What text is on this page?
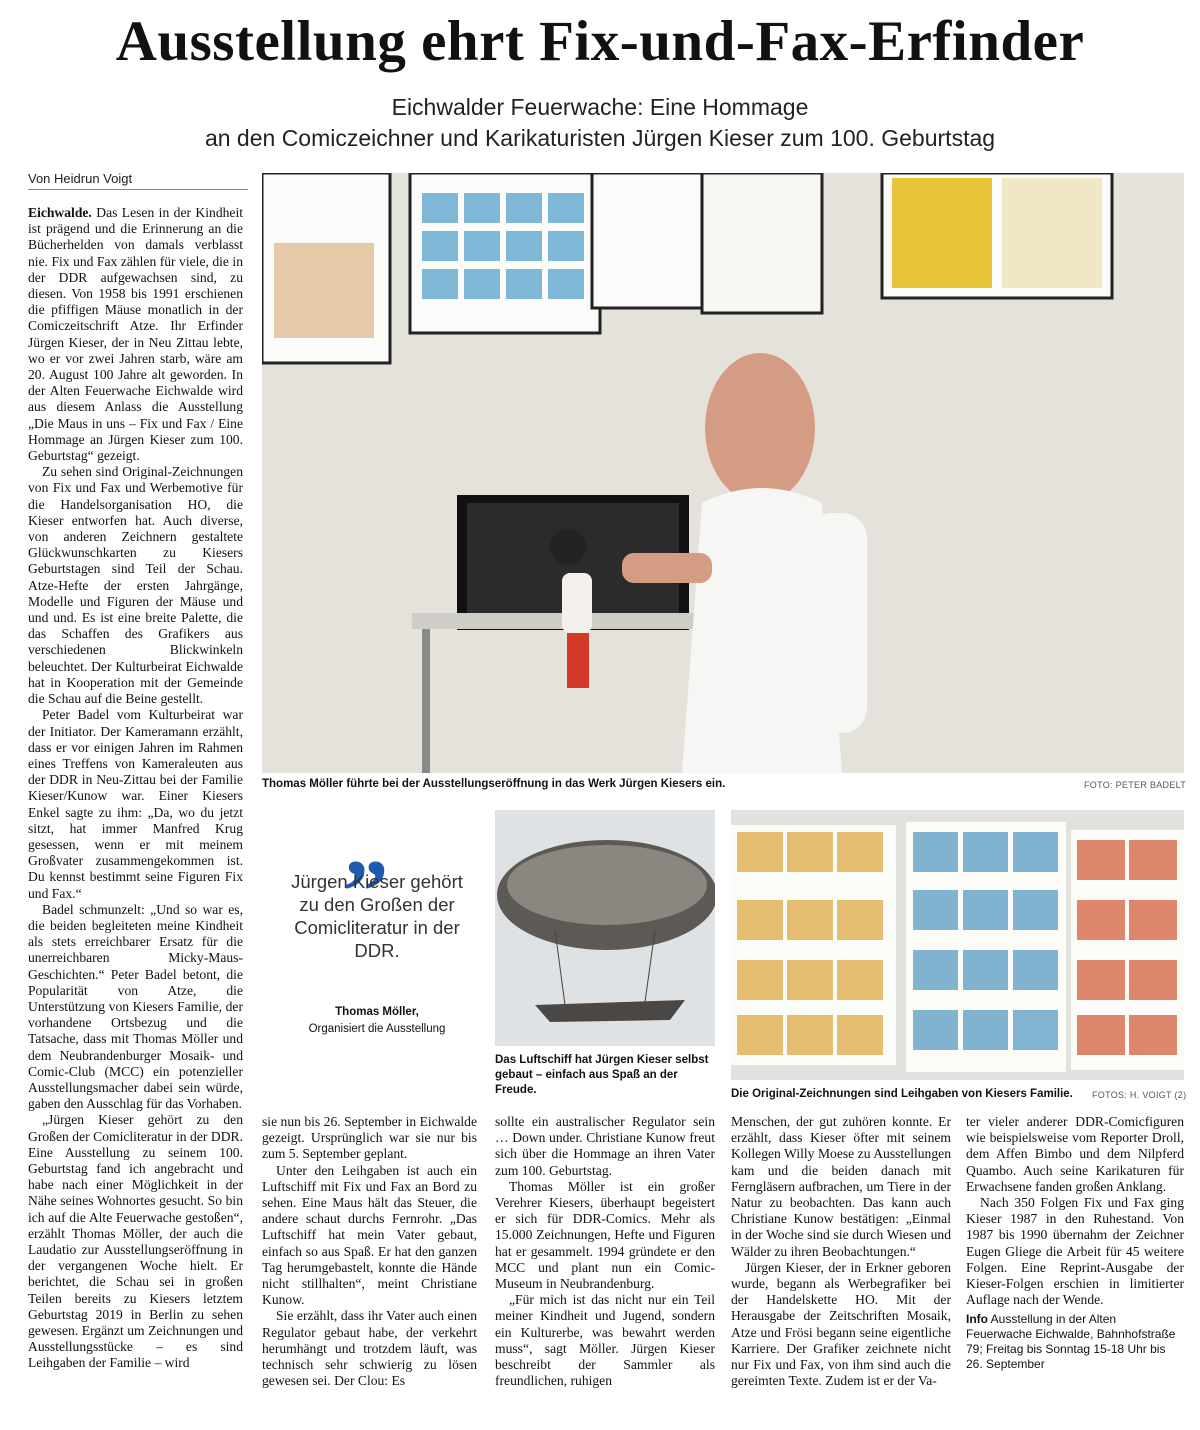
Ausstellung ehrt Fix-und-Fax-Erfinder
Eichwalder Feuerwache: Eine Hommage
an den Comiczeichner und Karikaturisten Jürgen Kieser zum 100. Geburtstag
Von Heidrun Voigt

Eichwalde. Das Lesen in der Kindheit ist prägend und die Erinnerung an die Bücherhelden von damals verblasst nie. Fix und Fax zählen für viele, die in der DDR aufgewachsen sind, zu diesen. Von 1958 bis 1991 erschienen die pfiffigen Mäuse monatlich in der Comiczeitschrift Atze. Ihr Erfinder Jürgen Kieser, der in Neu Zittau lebte, wo er vor zwei Jahren starb, wäre am 20. August 100 Jahre alt geworden. In der Alten Feuerwache Eichwalde wird aus diesem Anlass die Ausstellung „Die Maus in uns – Fix und Fax / Eine Hommage an Jürgen Kieser zum 100. Geburtstag“ gezeigt.

Zu sehen sind Original-Zeichnungen von Fix und Fax und Werbemotive für die Handelsorganisation HO, die Kieser entworfen hat. Auch diverse, von anderen Zeichnern gestaltete Glückwunschkarten zu Kiesers Geburtstagen sind Teil der Schau. Atze-Hefte der ersten Jahrgänge, Modelle und Figuren der Mäuse und und und. Es ist eine breite Palette, die das Schaffen des Grafikers aus verschiedenen Blickwinkeln beleuchtet. Der Kulturbeirat Eichwalde hat in Kooperation mit der Gemeinde die Schau auf die Beine gestellt.

Peter Badel vom Kulturbeirat war der Initiator. Der Kameramann erzählt, dass er vor einigen Jahren im Rahmen eines Treffens von Kameraleuten aus der DDR in Neu-Zittau bei der Familie Kieser/Kunow war. Einer Kiesers Enkel sagte zu ihm: „Da, wo du jetzt sitzt, hat immer Manfred Krug gesessen, wenn er mit meinem Großvater zusammengekommen ist. Du kennst bestimmt seine Figuren Fix und Fax.“

Badel schmunzelt: „Und so war es, die beiden begleiteten meine Kindheit als stets erreichbarer Ersatz für die unerreichbaren Micky-Maus-Geschichten.“ Peter Badel betont, die Popularität von Atze, die Unterstützung von Kiesers Familie, der vorhandene Ortsbezug und die Tatsache, dass mit Thomas Möller und dem Neubrandenburger Mosaik- und Comic-Club (MCC) ein potenzieller Ausstellungsmacher dabei sein würde, gaben den Ausschlag für das Vorhaben.

„Jürgen Kieser gehört zu den Großen der Comicliteratur in der DDR. Eine Ausstellung zu seinem 100. Geburtstag fand ich angebracht und habe nach einer Möglichkeit in der Nähe seines Wohnortes gesucht. So bin ich auf die Alte Feuerwache gestoßen“, erzählt Thomas Möller, der auch die Laudatio zur Ausstellungseröffnung in der vergangenen Woche hielt. Er berichtet, die Schau sei in großen Teilen bereits zu Kiesers letztem Geburtstag 2019 in Berlin zu sehen gewesen. Ergänzt um Zeichnungen und Ausstellungsstücke – es sind Leihgaben der Familie – wird

Thomas Möller führte bei der Ausstellungseröffnung in das Werk Jürgen Kiesers ein.	FOTO: PETER BADELT
„
Jürgen Kieser gehört zu den Großen der Comicliteratur in der DDR.
Thomas Möller,
Organisiert die Ausstellung
Das Luftschiff hat Jürgen Kieser selbst gebaut – einfach aus Spaß an der Freude.	Die Original-Zeichnungen sind Leihgaben von Kiesers Familie.	FOTOS: H. VOIGT (2)

sie nun bis 26. September in Eichwalde gezeigt. Ursprünglich war sie nur bis zum 5. September geplant.

Unter den Leihgaben ist auch ein Luftschiff mit Fix und Fax an Bord zu sehen. Eine Maus hält das Steuer, die andere schaut durchs Fernrohr. „Das Luftschiff hat mein Vater gebaut, einfach so aus Spaß. Er hat den ganzen Tag herumgebastelt, konnte die Hände nicht stillhalten“, meint Christiane Kunow.

Sie erzählt, dass ihr Vater auch einen Regulator gebaut habe, der verkehrt herumhängt und trotzdem läuft, was technisch sehr schwierig zu lösen gewesen sei. Der Clou: Es

sollte ein australischer Regulator sein … Down under. Christiane Kunow freut sich über die Hommage an ihren Vater zum 100. Geburtstag.

Thomas Möller ist ein großer Verehrer Kiesers, überhaupt begeistert er sich für DDR-Comics. Mehr als 15.000 Zeichnungen, Hefte und Figuren hat er gesammelt. 1994 gründete er den MCC und plant nun ein Comic-Museum in Neubrandenburg.

„Für mich ist das nicht nur ein Teil meiner Kindheit und Jugend, sondern ein Kulturerbe, was bewahrt werden muss“, sagt Möller. Jürgen Kieser beschreibt der Sammler als freundlichen, ruhigen

Menschen, der gut zuhören konnte. Er erzählt, dass Kieser öfter mit seinem Kollegen Willy Moese zu Ausstellungen kam und die beiden danach mit Ferngläsern aufbrachen, um Tiere in der Natur zu beobachten. Das kann auch Christiane Kunow bestätigen: „Einmal in der Woche sind sie durch Wiesen und Wälder zu ihren Beobachtungen.“

Jürgen Kieser, der in Erkner geboren wurde, begann als Werbegrafiker bei der Handelskette HO. Mit der Herausgabe der Zeitschriften Mosaik, Atze und Frösi begann seine eigentliche Karriere. Der Grafiker zeichnete nicht nur Fix und Fax, von ihm sind auch die gereimten Texte. Zudem ist er der Va-

ter vieler anderer DDR-Comicfiguren wie beispielsweise vom Reporter Droll, dem Affen Bimbo und dem Nilpferd Quambo. Auch seine Karikaturen für Erwachsene fanden großen Anklang.

Nach 350 Folgen Fix und Fax ging Kieser 1987 in den Ruhestand. Von 1987 bis 1990 übernahm der Zeichner Eugen Gliege die Arbeit für 45 weitere Folgen. Eine Reprint-Ausgabe der Kieser-Folgen erschien in limitierter Auflage nach der Wende.

Info Ausstellung in der Alten Feuerwache Eichwalde, Bahnhofstraße 79; Freitag bis Sonntag 15-18 Uhr bis 26. September
